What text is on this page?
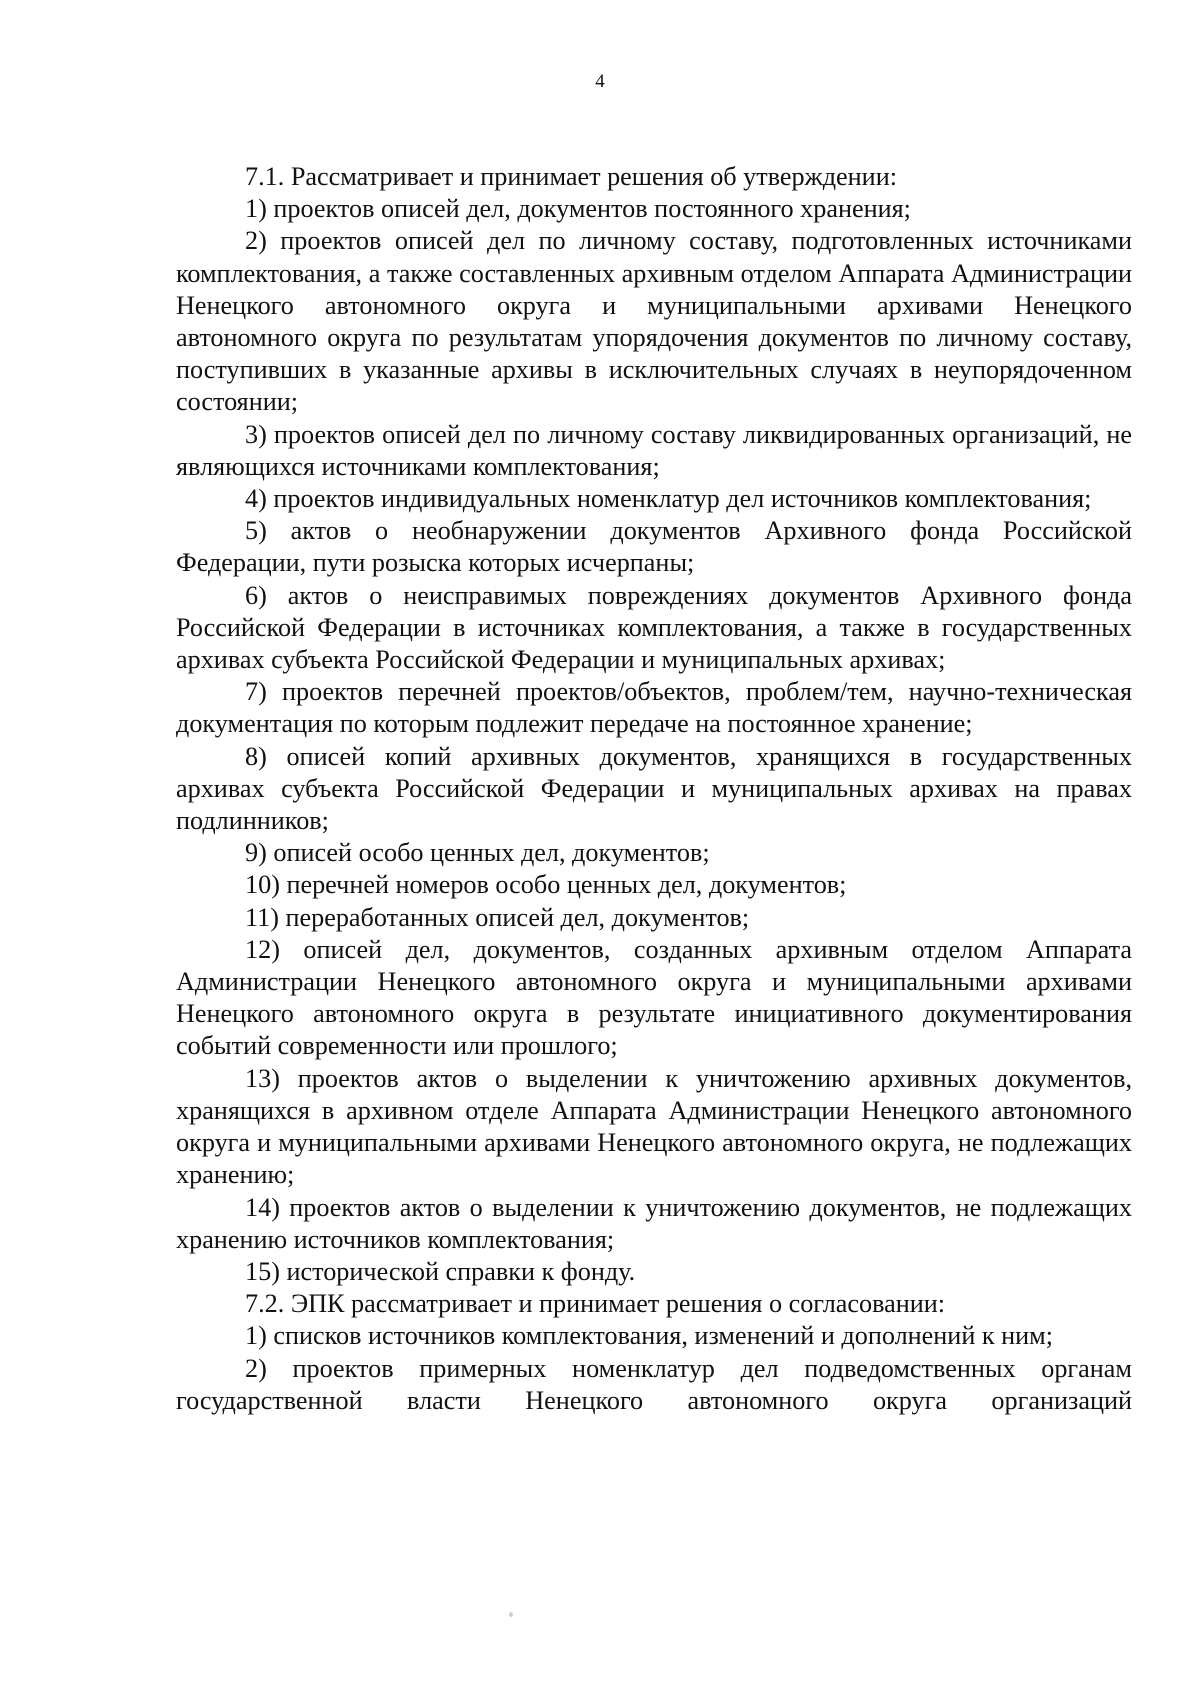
4

7.1. Рассматривает и принимает решения об утверждении:

1) проектов описей дел, документов постоянного хранения;

2) проектов описей дел по личному составу, подготовленных источниками комплектования, а также составленных архивным отделом Аппарата Администрации Ненецкого автономного округа и муниципальными архивами Ненецкого автономного округа по результатам упорядочения документов по личному составу, поступивших в указанные архивы в исключительных случаях в неупорядоченном состоянии;

3) проектов описей дел по личному составу ликвидированных организаций, не являющихся источниками комплектования;

4) проектов индивидуальных номенклатур дел источников комплектования;

5) актов о необнаружении документов Архивного фонда Российской Федерации, пути розыска которых исчерпаны;

6) актов о неисправимых повреждениях документов Архивного фонда Российской Федерации в источниках комплектования, а также в государственных архивах субъекта Российской Федерации и муниципальных архивах;

7) проектов перечней проектов/объектов, проблем/тем, научно-техническая документация по которым подлежит передаче на постоянное хранение;

8) описей копий архивных документов, хранящихся в государственных архивах субъекта Российской Федерации и муниципальных архивах на правах подлинников;

9) описей особо ценных дел, документов;

10) перечней номеров особо ценных дел, документов;

11) переработанных описей дел, документов;

12) описей дел, документов, созданных архивным отделом Аппарата Администрации Ненецкого автономного округа и муниципальными архивами Ненецкого автономного округа в результате инициативного документирования событий современности или прошлого;

13) проектов актов о выделении к уничтожению архивных документов, хранящихся в архивном отделе Аппарата Администрации Ненецкого автономного округа и муниципальными архивами Ненецкого автономного округа, не подлежащих хранению;

14) проектов актов о выделении к уничтожению документов, не подлежащих хранению источников комплектования;

15) исторической справки к фонду.

7.2. ЭПК рассматривает и принимает решения о согласовании:

1) списков источников комплектования, изменений и дополнений к ним;

2) проектов примерных номенклатур дел подведомственных органам государственной власти Ненецкого автономного округа организаций
